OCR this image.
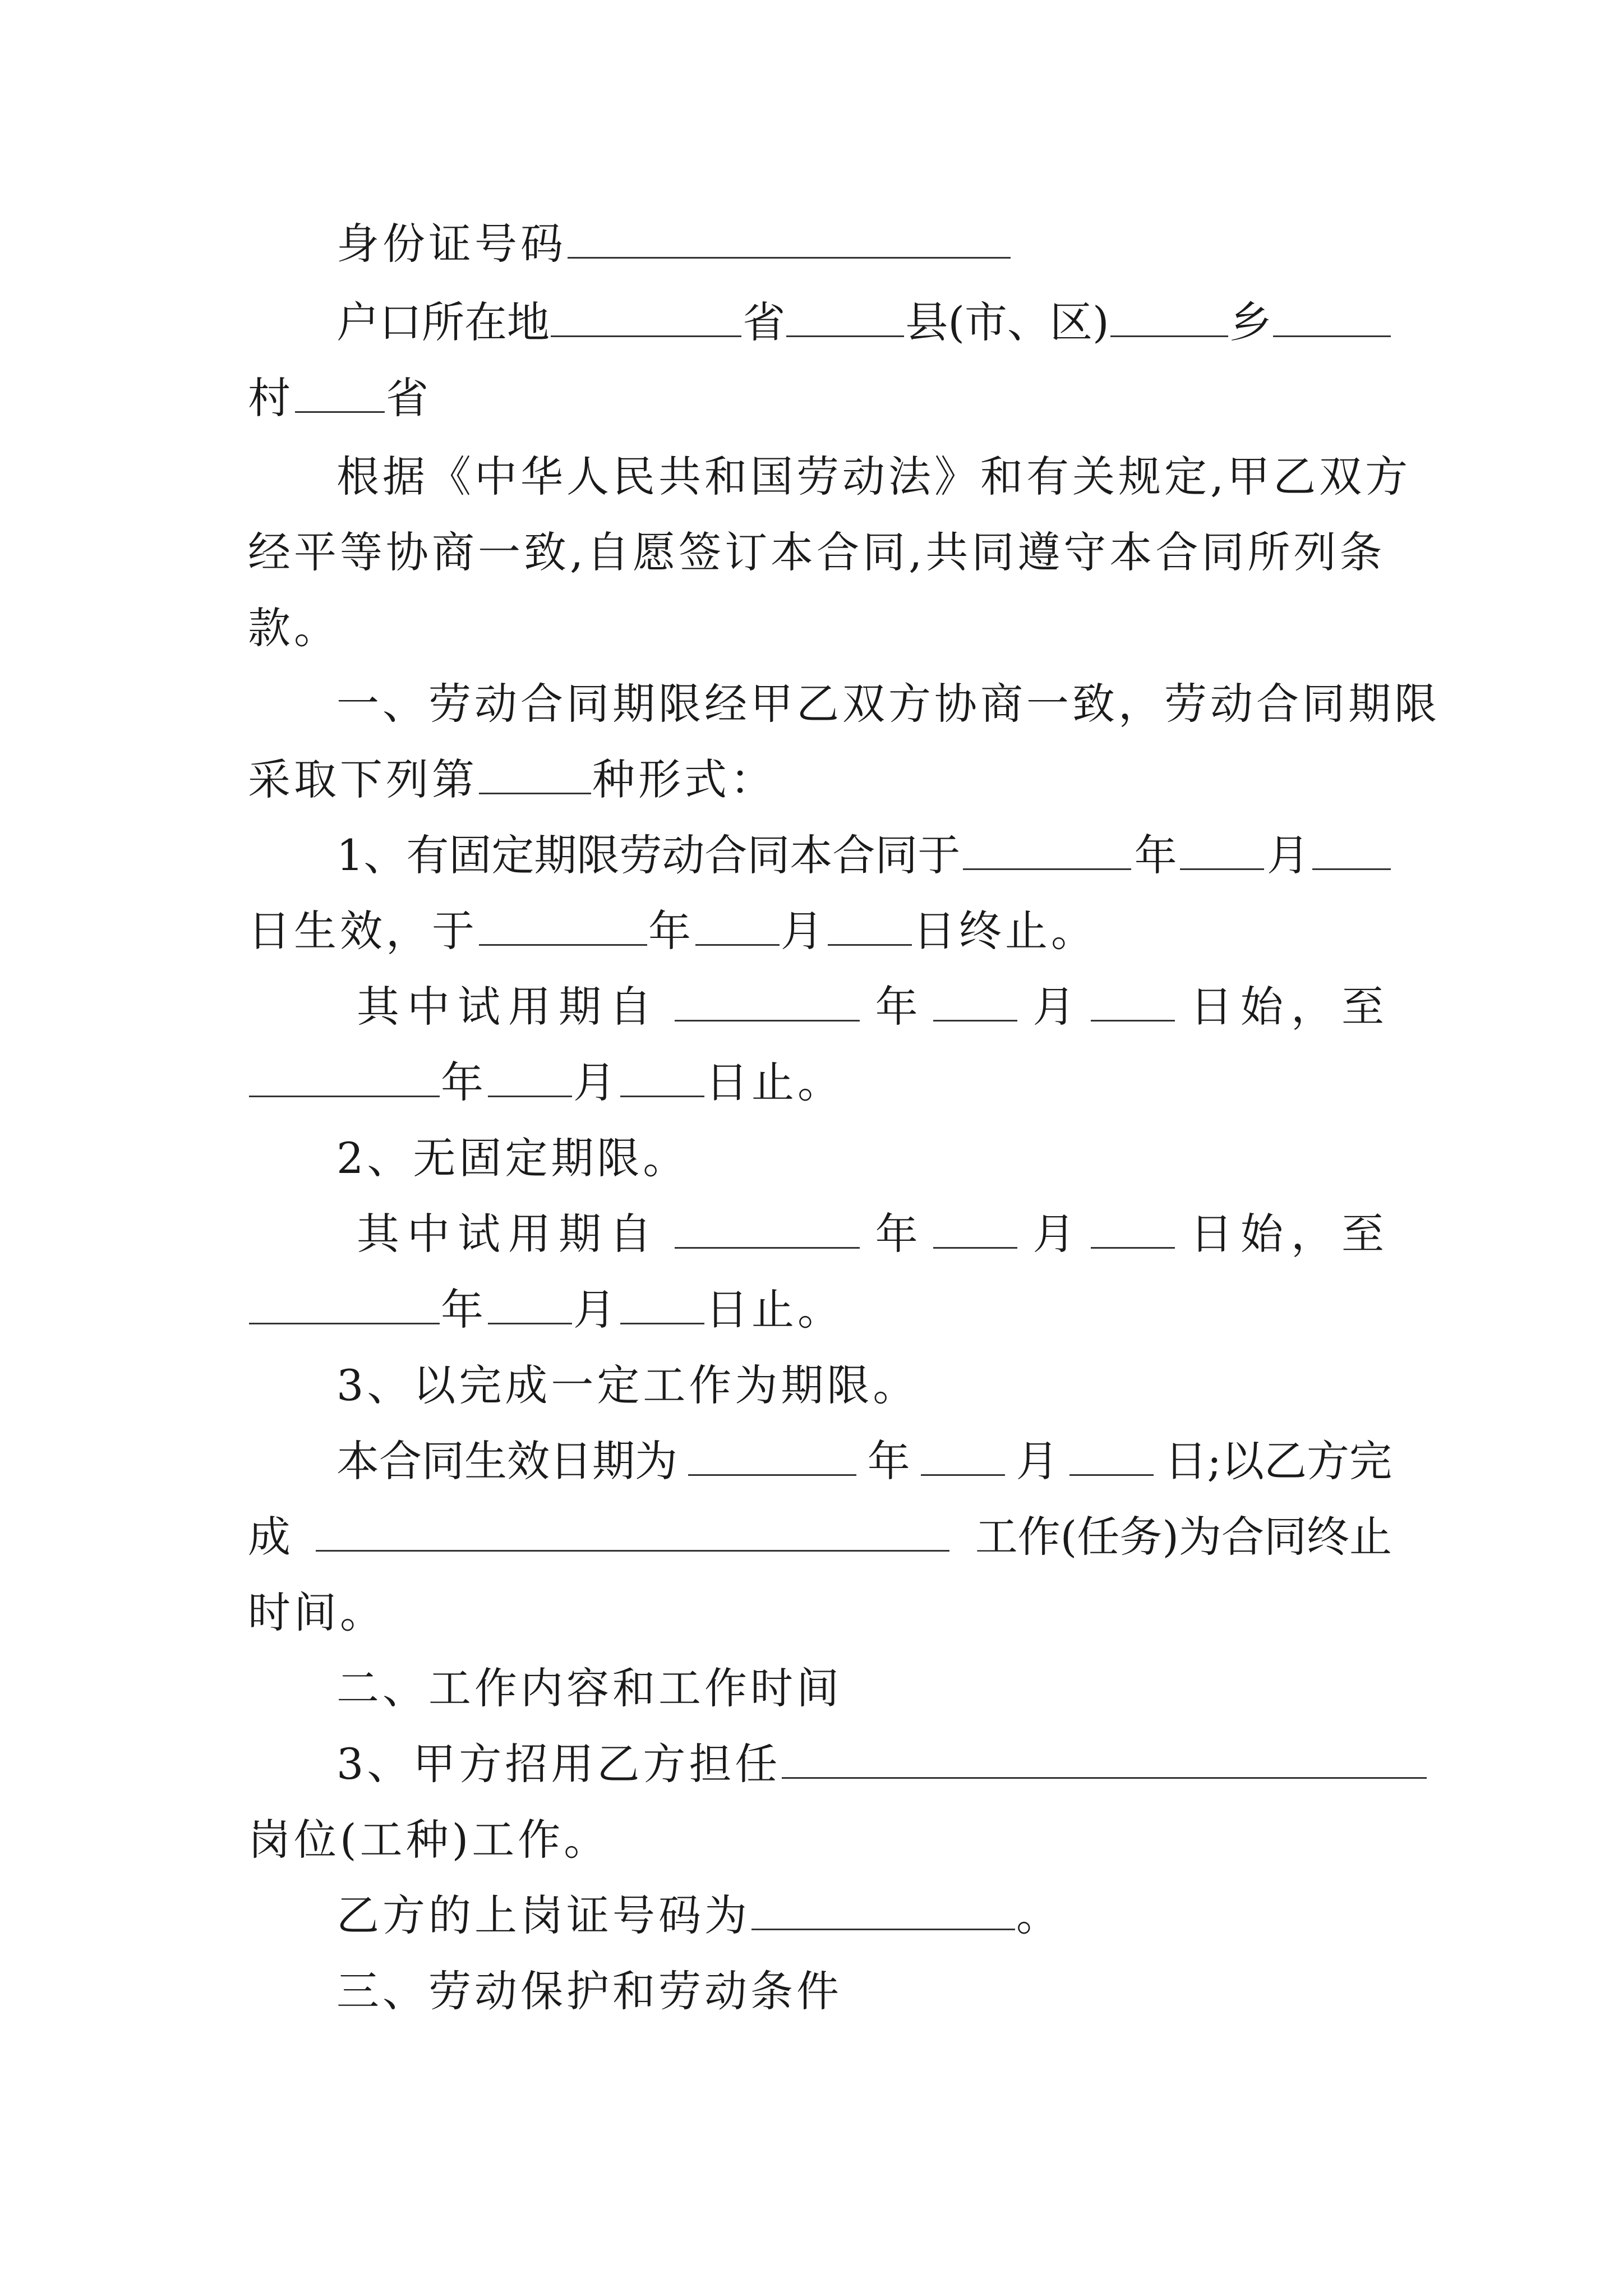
身份证号码
户口所在地	省	县(市、区)	乡
村 省
根据《中华人民共和国劳动法》和有关规定,甲乙双方
经平等协商一致,自愿签订本合同,共同遵守本合同所列条
款。
一、劳动合同期限经甲乙双方协商一致，劳动合同期限
采取下列第	种形式：
1、有固定期限劳动合同本合同于	年 月
日生效，于	年 月 日终止。
其中试用期自	年	月	日始，至
年 月 日止。
2、无固定期限。
其中试用期自	年	月	日始，至
年 月 日止。
3、以完成一定工作为期限。
本合同生效日期为	年 月 日;以乙方完
成	工作(任务)为合同终止
时间。
二、工作内容和工作时间
3、甲方招用乙方担任
岗位(工种)工作。
乙方的上岗证号码为	。
三、劳动保护和劳动条件
